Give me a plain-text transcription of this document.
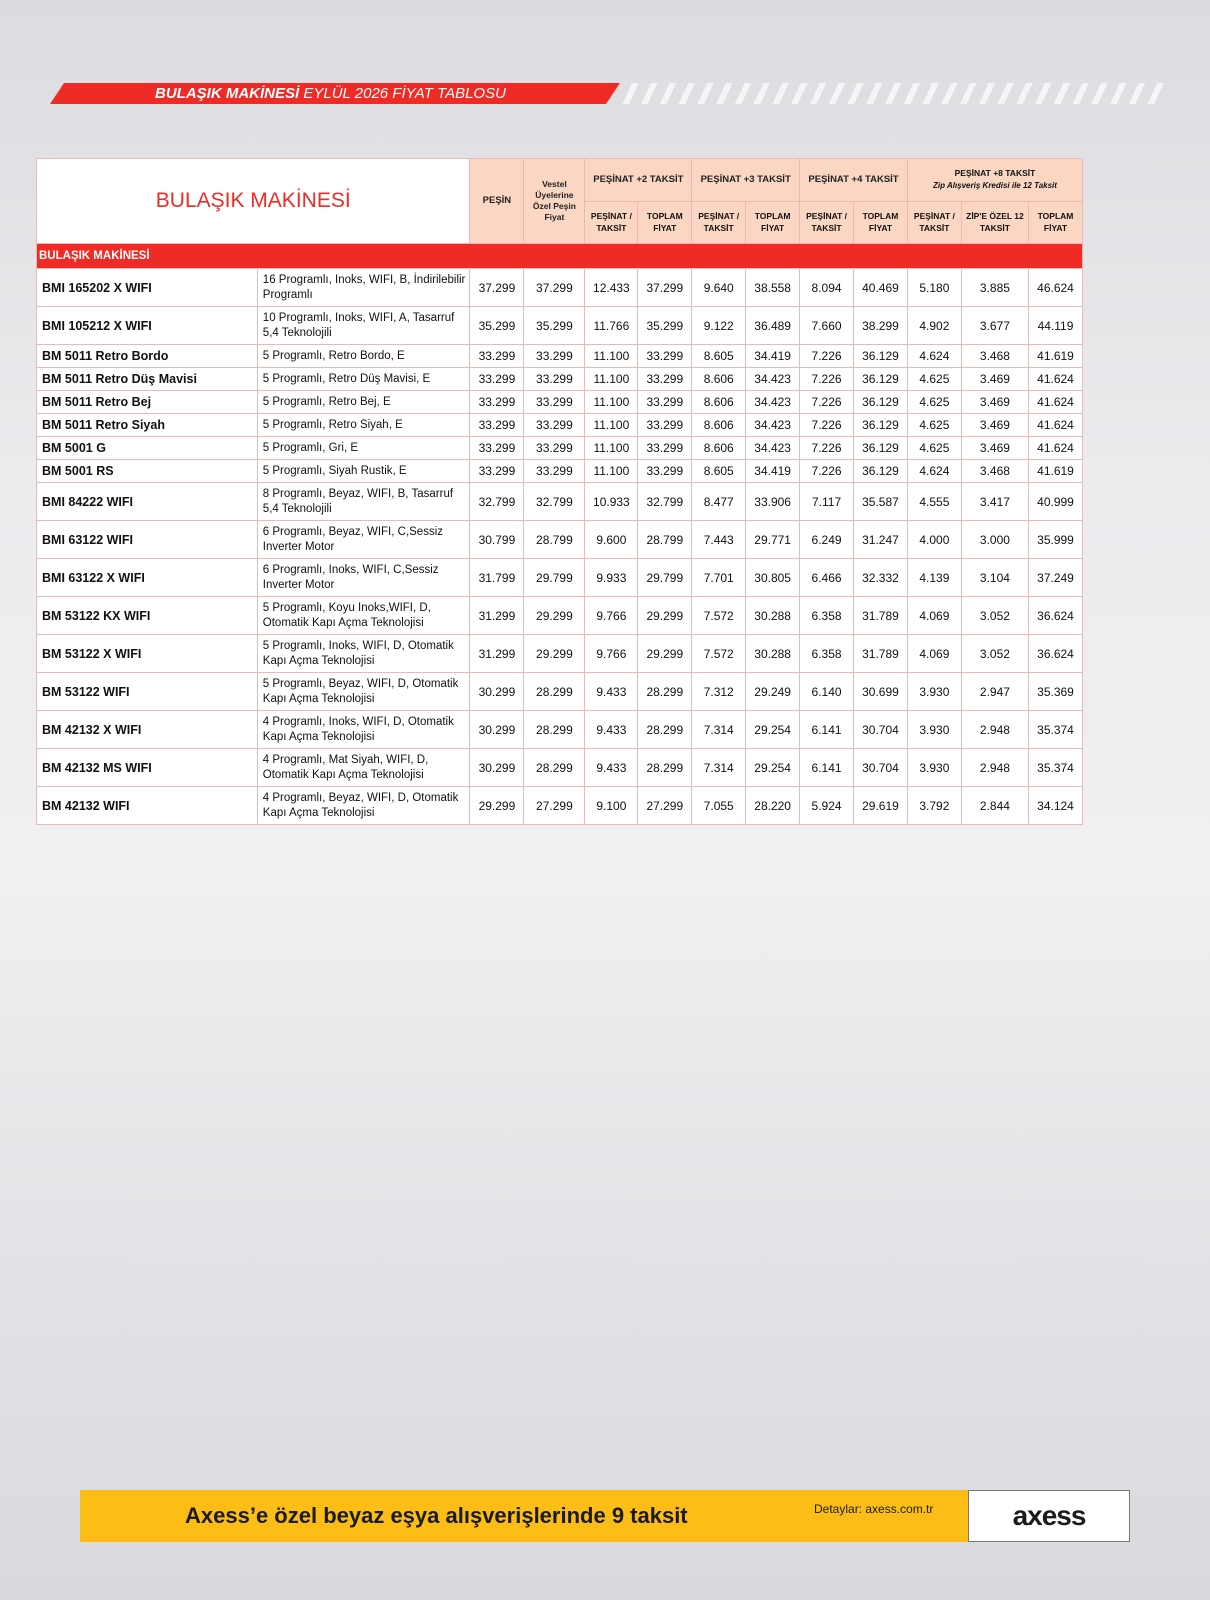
BULAŞIK MAKİNESİ EYLÜL 2026 FİYAT TABLOSU
BULAŞIK MAKİNESİ		PEŞİN	Vestel Üyelerine Özel Peşin Fiyat	PEŞİNAT +2 TAKSİT		PEŞİNAT +3 TAKSİT		PEŞİNAT +4 TAKSİT		PEŞİNAT +8 TAKSİT
Zip Alışveriş Kredisi ile 12 Taksit		
				PEŞİNAT / TAKSİT	TOPLAM FİYAT	PEŞİNAT / TAKSİT	TOPLAM FİYAT	PEŞİNAT / TAKSİT	TOPLAM FİYAT	PEŞİNAT / TAKSİT	ZİP'E ÖZEL 12 TAKSİT	TOPLAM FİYAT
BULAŞIK MAKİNESİ												
BMI 165202 X WIFI	16 Programlı, Inoks, WIFI, B, İndirilebilir Programlı	37.299	37.299	12.433	37.299	9.640	38.558	8.094	40.469	5.180	3.885	46.624
BMI 105212 X WIFI	10 Programlı, Inoks, WIFI, A, Tasarruf 5,4 Teknolojili	35.299	35.299	11.766	35.299	9.122	36.489	7.660	38.299	4.902	3.677	44.119
BM 5011 Retro Bordo	5 Programlı, Retro Bordo, E	33.299	33.299	11.100	33.299	8.605	34.419	7.226	36.129	4.624	3.468	41.619
BM 5011 Retro Düş Mavisi	5 Programlı, Retro Düş Mavisi, E	33.299	33.299	11.100	33.299	8.606	34.423	7.226	36.129	4.625	3.469	41.624
BM 5011 Retro Bej	5 Programlı, Retro Bej, E	33.299	33.299	11.100	33.299	8.606	34.423	7.226	36.129	4.625	3.469	41.624
BM 5011 Retro Siyah	5 Programlı, Retro Siyah, E	33.299	33.299	11.100	33.299	8.606	34.423	7.226	36.129	4.625	3.469	41.624
BM 5001 G	5 Programlı, Gri, E	33.299	33.299	11.100	33.299	8.606	34.423	7.226	36.129	4.625	3.469	41.624
BM 5001 RS	5 Programlı, Siyah Rustik, E	33.299	33.299	11.100	33.299	8.605	34.419	7.226	36.129	4.624	3.468	41.619
BMI 84222 WIFI	8 Programlı, Beyaz, WIFI, B, Tasarruf 5,4 Teknolojili	32.799	32.799	10.933	32.799	8.477	33.906	7.117	35.587	4.555	3.417	40.999
BMI 63122 WIFI	6 Programlı, Beyaz, WIFI, C,Sessiz Inverter Motor	30.799	28.799	9.600	28.799	7.443	29.771	6.249	31.247	4.000	3.000	35.999
BMI 63122 X WIFI	6 Programlı, Inoks, WIFI, C,Sessiz Inverter Motor	31.799	29.799	9.933	29.799	7.701	30.805	6.466	32.332	4.139	3.104	37.249
BM 53122 KX WIFI	5 Programlı, Koyu Inoks,WIFI, D, Otomatik Kapı Açma Teknolojisi	31.299	29.299	9.766	29.299	7.572	30.288	6.358	31.789	4.069	3.052	36.624
BM 53122 X WIFI	5 Programlı, Inoks, WIFI, D, Otomatik Kapı Açma Teknolojisi	31.299	29.299	9.766	29.299	7.572	30.288	6.358	31.789	4.069	3.052	36.624
BM 53122 WIFI	5 Programlı, Beyaz, WIFI, D, Otomatik Kapı Açma Teknolojisi	30.299	28.299	9.433	28.299	7.312	29.249	6.140	30.699	3.930	2.947	35.369
BM 42132 X WIFI	4 Programlı, Inoks, WIFI, D, Otomatik Kapı Açma Teknolojisi	30.299	28.299	9.433	28.299	7.314	29.254	6.141	30.704	3.930	2.948	35.374
BM 42132 MS WIFI	4 Programlı, Mat Siyah, WIFI, D, Otomatik Kapı Açma Teknolojisi	30.299	28.299	9.433	28.299	7.314	29.254	6.141	30.704	3.930	2.948	35.374
BM 42132 WIFI	4 Programlı, Beyaz, WIFI, D, Otomatik Kapı Açma Teknolojisi	29.299	27.299	9.100	27.299	7.055	28.220	5.924	29.619	3.792	2.844	34.124
Axess’e özel beyaz eşya alışverişlerinde 9 taksit	Detaylar: axess.com.tr	axess
